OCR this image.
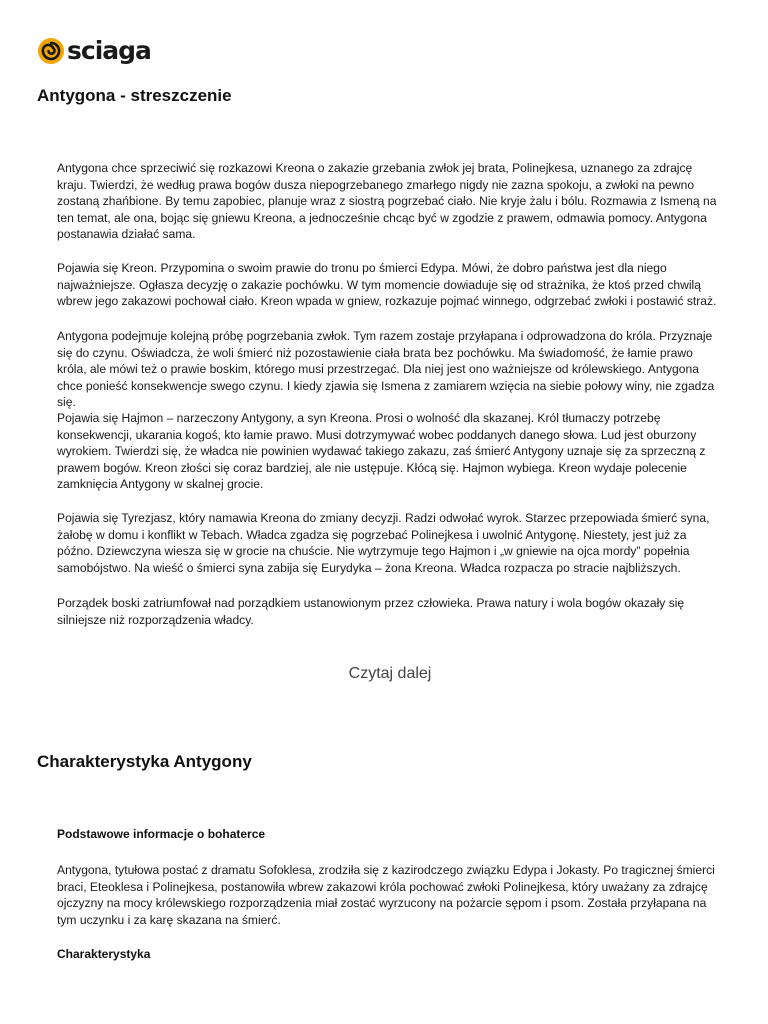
sciaga
Antygona - streszczenie

Antygona chce sprzeciwić się rozkazowi Kreona o zakazie grzebania zwłok jej brata, Polinejkesa, uznanego za zdrajcę kraju. Twierdzi, że według prawa bogów dusza niepogrzebanego zmarłego nigdy nie zazna spokoju, a zwłoki na pewno zostaną zhańbione. By temu zapobiec, planuje wraz z siostrą pogrzebać ciało. Nie kryje żalu i bólu. Rozmawia z Ismeną na ten temat, ale ona, bojąc się gniewu Kreona, a jednocześnie chcąc być w zgodzie z prawem, odmawia pomocy. Antygona postanawia działać sama.

Pojawia się Kreon. Przypomina o swoim prawie do tronu po śmierci Edypa. Mówi, że dobro państwa jest dla niego najważniejsze. Ogłasza decyzję o zakazie pochówku. W tym momencie dowiaduje się od strażnika, że ktoś przed chwilą wbrew jego zakazowi pochował ciało. Kreon wpada w gniew, rozkazuje pojmać winnego, odgrzebać zwłoki i postawić straż.

Antygona podejmuje kolejną próbę pogrzebania zwłok. Tym razem zostaje przyłapana i odprowadzona do króla. Przyznaje się do czynu. Oświadcza, że woli śmierć niż pozostawienie ciała brata bez pochówku. Ma świadomość, że łamie prawo króla, ale mówi też o prawie boskim, którego musi przestrzegać. Dla niej jest ono ważniejsze od królewskiego. Antygona chce ponieść konsekwencje swego czynu. I kiedy zjawia się Ismena z zamiarem wzięcia na siebie połowy winy, nie zgadza się.

Pojawia się Hajmon – narzeczony Antygony, a syn Kreona. Prosi o wolność dla skazanej. Król tłumaczy potrzebę konsekwencji, ukarania kogoś, kto łamie prawo. Musi dotrzymywać wobec poddanych danego słowa. Lud jest oburzony wyrokiem. Twierdzi się, że władca nie powinien wydawać takiego zakazu, zaś śmierć Antygony uznaje się za sprzeczną z prawem bogów. Kreon złości się coraz bardziej, ale nie ustępuje. Kłócą się. Hajmon wybiega. Kreon wydaje polecenie zamknięcia Antygony w skalnej grocie.

Pojawia się Tyrezjasz, który namawia Kreona do zmiany decyzji. Radzi odwołać wyrok. Starzec przepowiada śmierć syna, żałobę w domu i konflikt w Tebach. Władca zgadza się pogrzebać Polinejkesa i uwolnić Antygonę. Niestety, jest już za późno. Dziewczyna wiesza się w grocie na chuście. Nie wytrzymuje tego Hajmon i „w gniewie na ojca mordy” popełnia samobójstwo. Na wieść o śmierci syna zabija się Eurydyka – żona Kreona. Władca rozpacza po stracie najbliższych.

Porządek boski zatriumfował nad porządkiem ustanowionym przez człowieka. Prawa natury i wola bogów okazały się silniejsze niż rozporządzenia władcy.

Czytaj dalej
Charakterystyka Antygony
Podstawowe informacje o bohaterce

Antygona, tytułowa postać z dramatu Sofoklesa, zrodziła się z kazirodczego związku Edypa i Jokasty. Po tragicznej śmierci braci, Eteoklesa i Polinejkesa, postanowiła wbrew zakazowi króla pochować zwłoki Polinejkesa, który uważany za zdrajcę ojczyzny na mocy królewskiego rozporządzenia miał zostać wyrzucony na pożarcie sępom i psom. Została przyłapana na tym uczynku i za karę skazana na śmierć.

Charakterystyka
